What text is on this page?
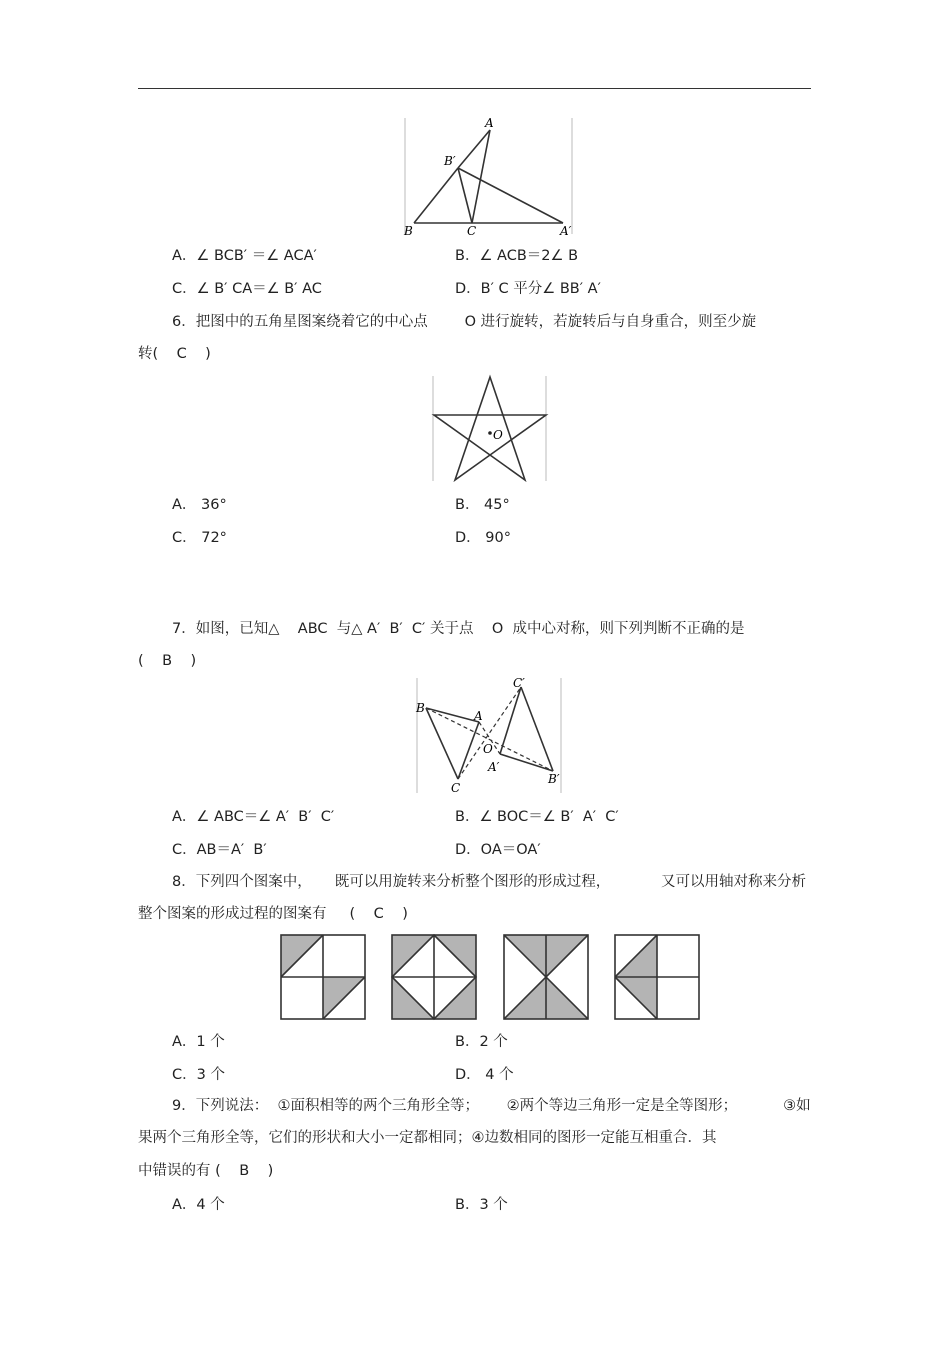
A
B′
B	C	A′
A．∠ BCB′ ＝∠ ACA′	B．∠ ACB＝2∠ B
C．∠ B′ CA＝∠ B′ AC	D．B′ C 平分∠ BB′ A′
6．把图中的五角星图案绕着它的中心点        O 进行旋转，若旋转后与自身重合，则至少旋
转(    C    )
O
A． 36°	B． 45°
C． 72°	D． 90°
7．如图，已知△    ABC  与△ A′  B′  C′ 关于点    O  成中心对称，则下列判断不正确的是
(    B    )
C′
B
A
O
A′
C
B′
A．∠ ABC＝∠ A′  B′  C′	B．∠ BOC＝∠ B′  A′  C′
C．AB＝A′  B′	D．OA＝OA′
8．下列四个图案中，     既可以用旋转来分析整个图形的形成过程，           又可以用轴对称来分析
整个图案的形成过程的图案有     (    C    )
A．1 个	B．2 个
C．3 个	D． 4 个
9．下列说法：  ①面积相等的两个三角形全等；      ②两个等边三角形一定是全等图形；          ③如
果两个三角形全等，它们的形状和大小一定都相同；④边数相同的图形一定能互相重合．其
中错误的有 (    B    )
A．4 个	B．3 个
